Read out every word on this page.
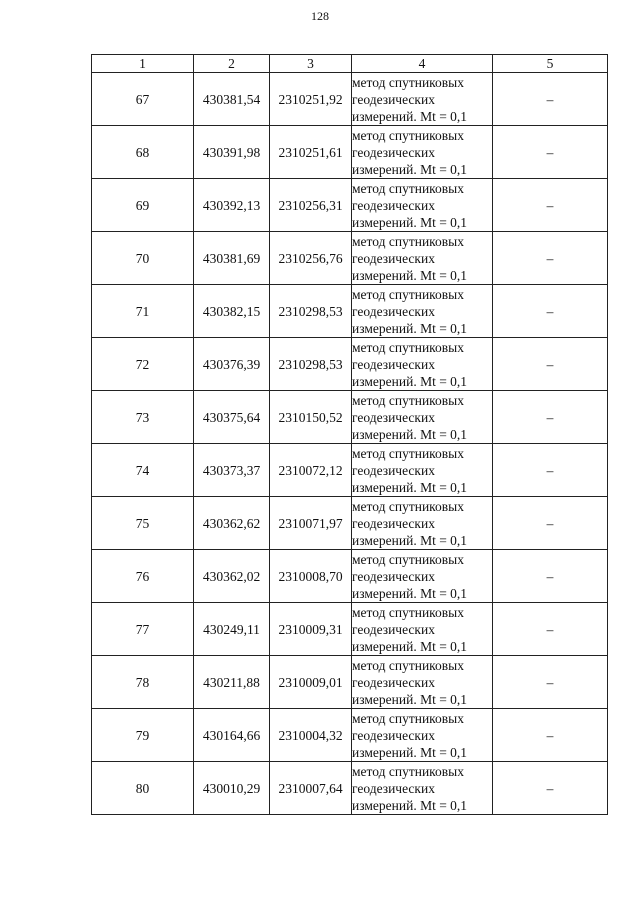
128
1	2	3	4	5
67	430381,54	2310251,92	метод спутниковых
геодезических
измерений. Mt = 0,1	–
68	430391,98	2310251,61	метод спутниковых
геодезических
измерений. Mt = 0,1	–
69	430392,13	2310256,31	метод спутниковых
геодезических
измерений. Mt = 0,1	–
70	430381,69	2310256,76	метод спутниковых
геодезических
измерений. Mt = 0,1	–
71	430382,15	2310298,53	метод спутниковых
геодезических
измерений. Mt = 0,1	–
72	430376,39	2310298,53	метод спутниковых
геодезических
измерений. Mt = 0,1	–
73	430375,64	2310150,52	метод спутниковых
геодезических
измерений. Mt = 0,1	–
74	430373,37	2310072,12	метод спутниковых
геодезических
измерений. Mt = 0,1	–
75	430362,62	2310071,97	метод спутниковых
геодезических
измерений. Mt = 0,1	–
76	430362,02	2310008,70	метод спутниковых
геодезических
измерений. Mt = 0,1	–
77	430249,11	2310009,31	метод спутниковых
геодезических
измерений. Mt = 0,1	–
78	430211,88	2310009,01	метод спутниковых
геодезических
измерений. Mt = 0,1	–
79	430164,66	2310004,32	метод спутниковых
геодезических
измерений. Mt = 0,1	–
80	430010,29	2310007,64	метод спутниковых
геодезических
измерений. Mt = 0,1	–
